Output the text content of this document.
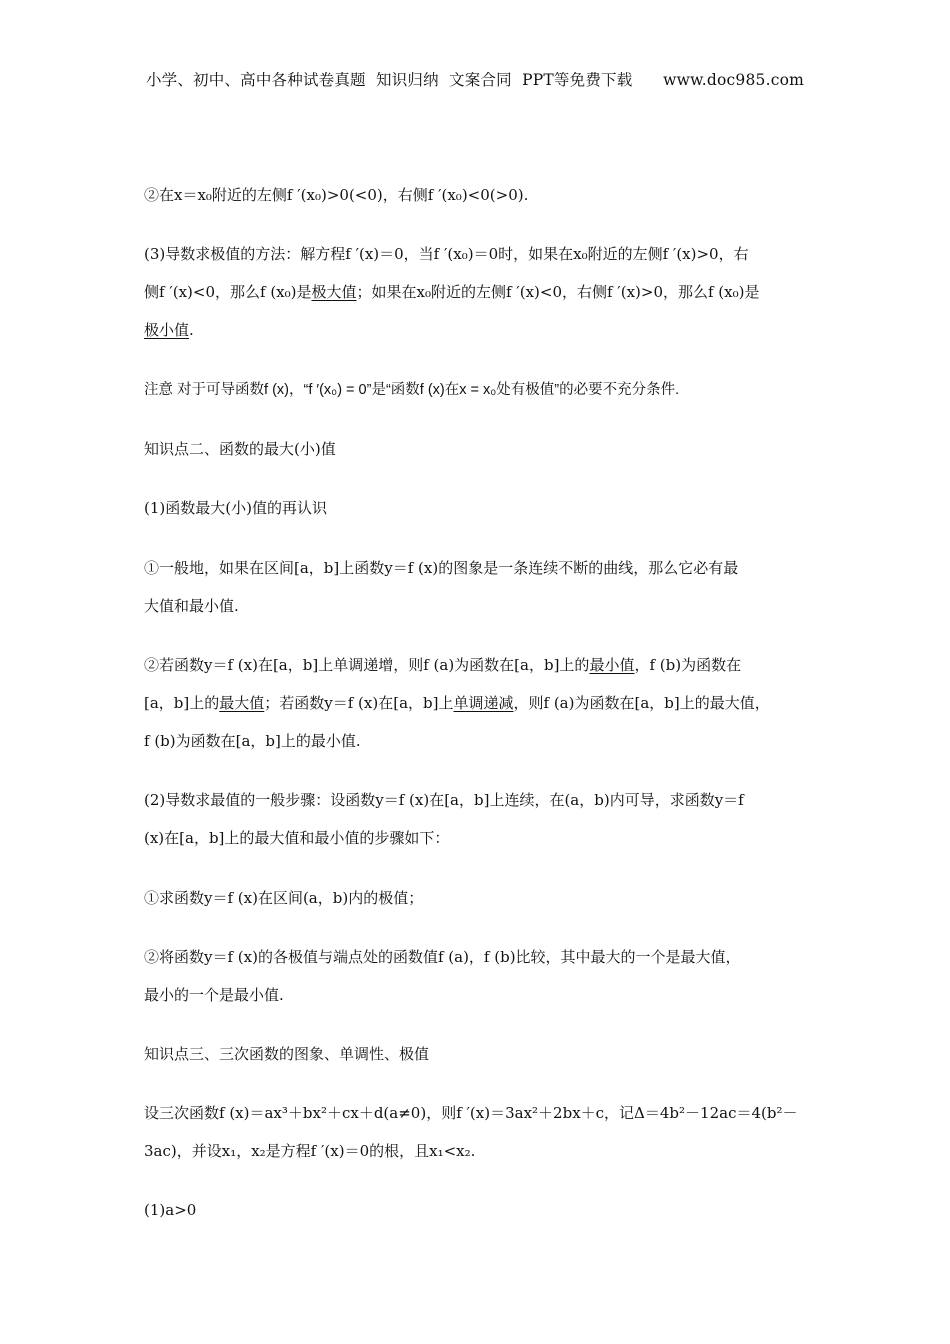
小学、初中、高中各种试卷真题  知识归纳  文案合同  PPT等免费下载      www.doc985.com
②在x＝x₀附近的左侧f ′(x₀)>0(<0)，右侧f ′(x₀)<0(>0).
(3)导数求极值的方法：解方程f ′(x)＝0，当f ′(x₀)＝0时，如果在x₀附近的左侧f ′(x)>0，右
侧f ′(x)<0，那么f (x₀)是极大值；如果在x₀附近的左侧f ′(x)<0，右侧f ′(x)>0，那么f (x₀)是
极小值.
注意 对于可导函数f (x)，“f ′(x₀) = 0”是“函数f (x)在x = x₀处有极值”的必要不充分条件.
知识点二、函数的最大(小)值
(1)函数最大(小)值的再认识
①一般地，如果在区间[a，b]上函数y＝f (x)的图象是一条连续不断的曲线，那么它必有最
大值和最小值.
②若函数y＝f (x)在[a，b]上单调递增，则f (a)为函数在[a，b]上的最小值，f (b)为函数在
[a，b]上的最大值；若函数y＝f (x)在[a，b]上单调递减，则f (a)为函数在[a，b]上的最大值，
f (b)为函数在[a，b]上的最小值.
(2)导数求最值的一般步骤：设函数y＝f (x)在[a，b]上连续，在(a，b)内可导，求函数y＝f
(x)在[a，b]上的最大值和最小值的步骤如下：
①求函数y＝f (x)在区间(a，b)内的极值；
②将函数y＝f (x)的各极值与端点处的函数值f (a)，f (b)比较，其中最大的一个是最大值，
最小的一个是最小值.
知识点三、三次函数的图象、单调性、极值
设三次函数f (x)＝ax³＋bx²＋cx＋d(a≠0)，则f ′(x)＝3ax²＋2bx＋c，记Δ＝4b²－12ac＝4(b²－
3ac)，并设x₁，x₂是方程f ′(x)＝0的根，且x₁<x₂.
(1)a>0
